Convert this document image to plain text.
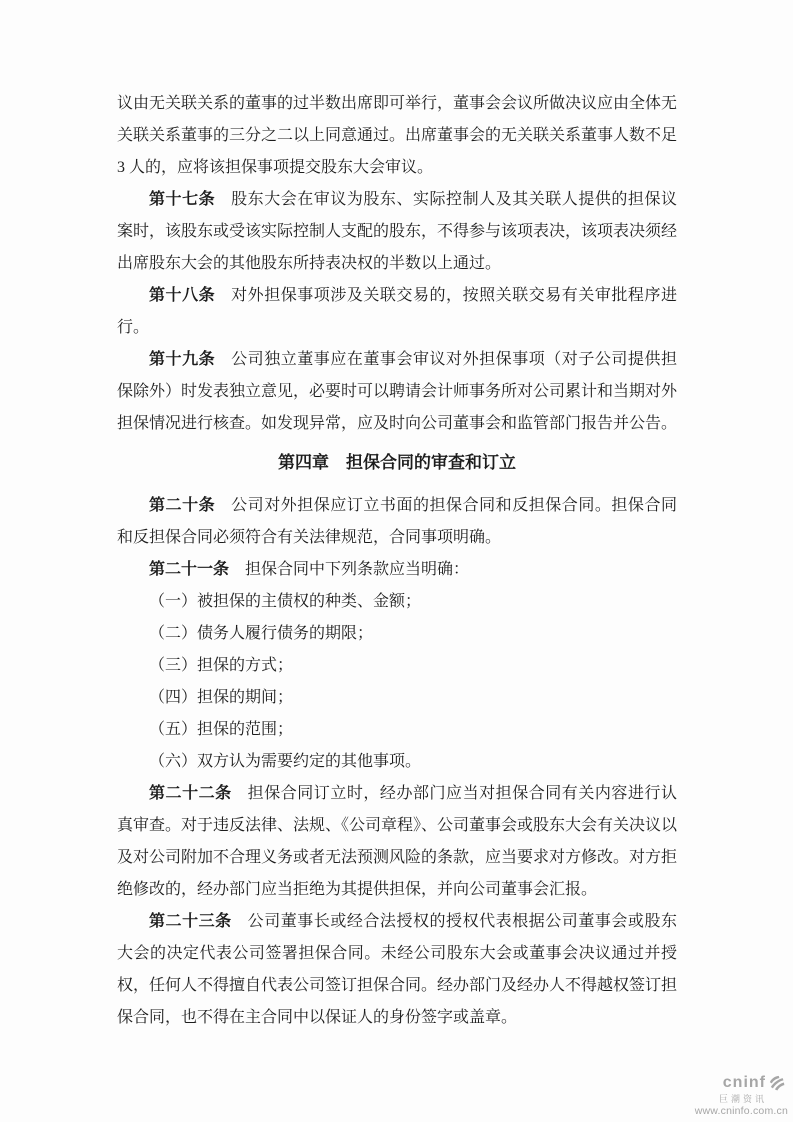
议由无关联关系的董事的过半数出席即可举行，董事会会议所做决议应由全体无关联关系董事的三分之二以上同意通过。出席董事会的无关联关系董事人数不足 3 人的，应将该担保事项提交股东大会审议。

第十七条 股东大会在审议为股东、实际控制人及其关联人提供的担保议案时，该股东或受该实际控制人支配的股东，不得参与该项表决，该项表决须经出席股东大会的其他股东所持表决权的半数以上通过。

第十八条 对外担保事项涉及关联交易的，按照关联交易有关审批程序进行。

第十九条 公司独立董事应在董事会审议对外担保事项（对子公司提供担保除外）时发表独立意见，必要时可以聘请会计师事务所对公司累计和当期对外担保情况进行核查。如发现异常，应及时向公司董事会和监管部门报告并公告。

第四章 担保合同的审查和订立

第二十条 公司对外担保应订立书面的担保合同和反担保合同。担保合同和反担保合同必须符合有关法律规范，合同事项明确。

第二十一条 担保合同中下列条款应当明确：

（一）被担保的主债权的种类、金额；

（二）债务人履行债务的期限；

（三）担保的方式；

（四）担保的期间；

（五）担保的范围；

（六）双方认为需要约定的其他事项。

第二十二条 担保合同订立时，经办部门应当对担保合同有关内容进行认真审查。对于违反法律、法规、《公司章程》、公司董事会或股东大会有关决议以及对公司附加不合理义务或者无法预测风险的条款，应当要求对方修改。对方拒绝修改的，经办部门应当拒绝为其提供担保，并向公司董事会汇报。

第二十三条 公司董事长或经合法授权的授权代表根据公司董事会或股东大会的决定代表公司签署担保合同。未经公司股东大会或董事会决议通过并授权，任何人不得擅自代表公司签订担保合同。经办部门及经办人不得越权签订担保合同，也不得在主合同中以保证人的身份签字或盖章。

cninf
巨潮资讯
www.cninfo.com.cn
